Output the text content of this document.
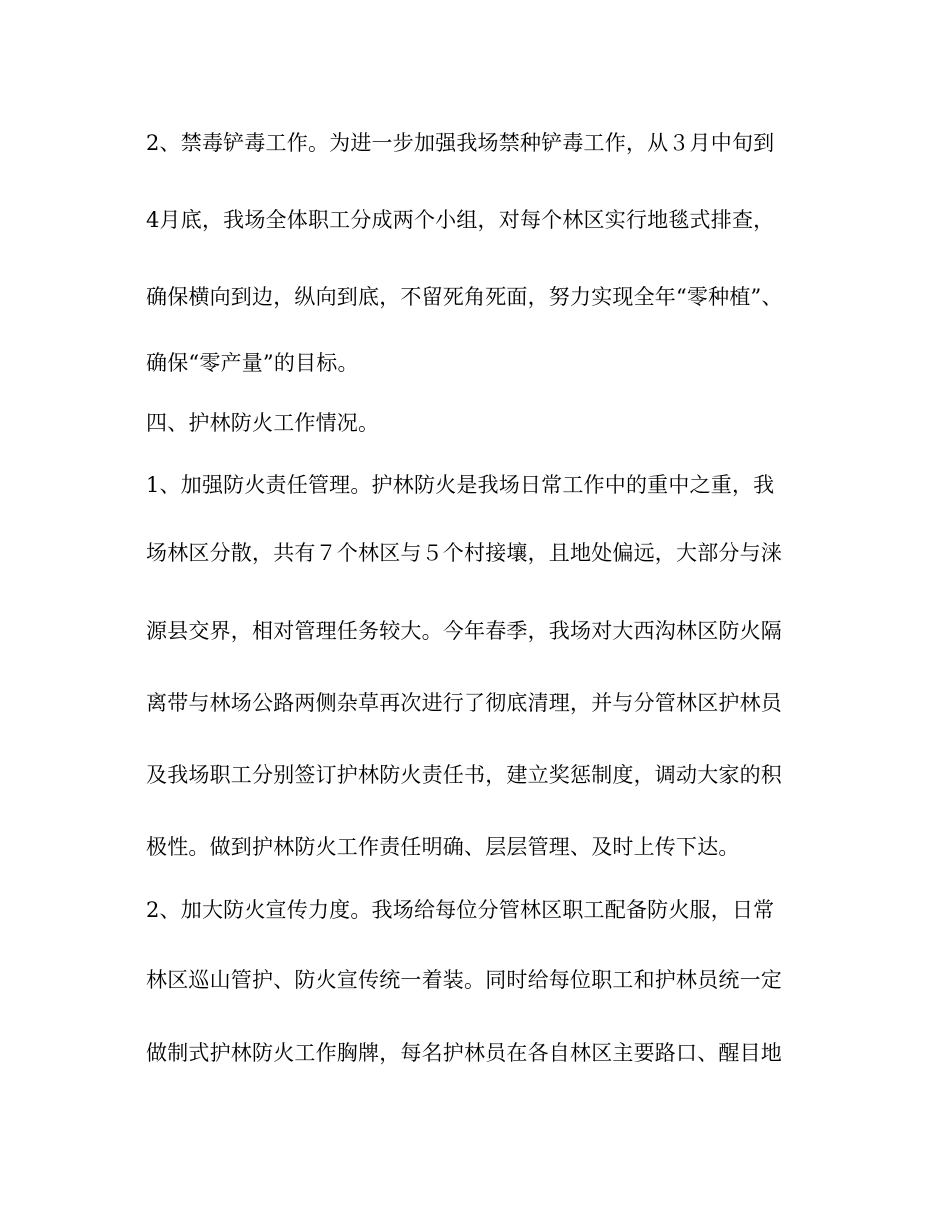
2、禁毒铲毒工作。为进一步加强我场禁种铲毒工作，从３月中旬到
4月底，我场全体职工分成两个小组，对每个林区实行地毯式排查，
确保横向到边，纵向到底，不留死角死面，努力实现全年“零种植”、
确保“零产量”的目标。
四、护林防火工作情况。
1、加强防火责任管理。护林防火是我场日常工作中的重中之重，我
场林区分散，共有７个林区与５个村接壤，且地处偏远，大部分与涞
源县交界，相对管理任务较大。今年春季，我场对大西沟林区防火隔
离带与林场公路两侧杂草再次进行了彻底清理，并与分管林区护林员
及我场职工分别签订护林防火责任书，建立奖惩制度，调动大家的积
极性。做到护林防火工作责任明确、层层管理、及时上传下达。
2、加大防火宣传力度。我场给每位分管林区职工配备防火服，日常
林区巡山管护、防火宣传统一着装。同时给每位职工和护林员统一定
做制式护林防火工作胸牌，每名护林员在各自林区主要路口、醒目地
